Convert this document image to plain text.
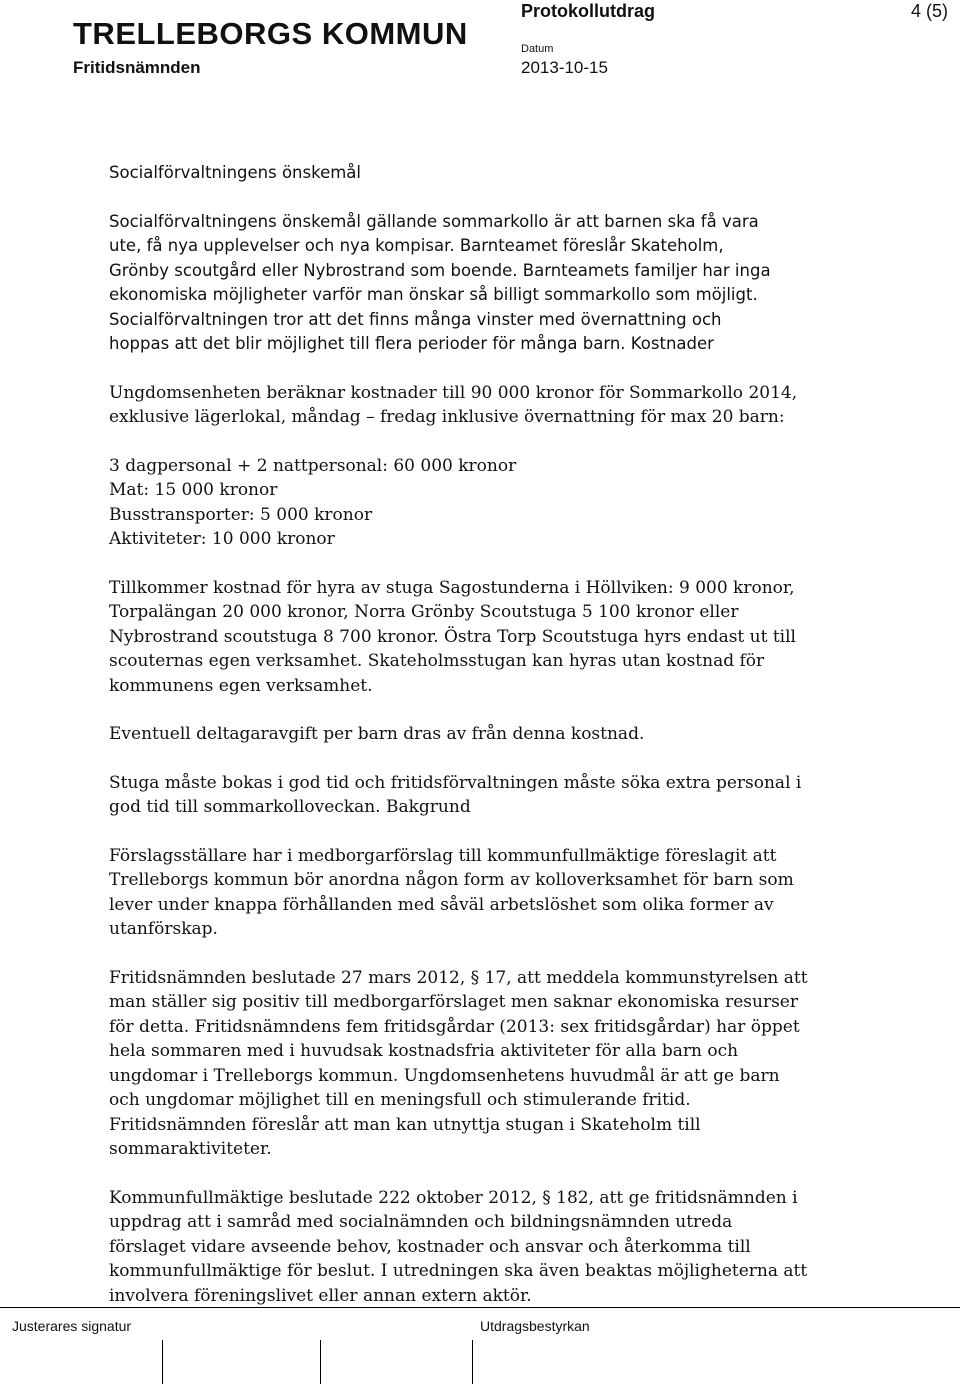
TRELLEBORGS KOMMUN
Fritidsnämnden
Protokollutdrag	4 (5)
Datum
2013-10-15

Socialförvaltningens önskemål

Socialförvaltningens önskemål gällande sommarkollo är att barnen ska få vara
ute, få nya upplevelser och nya kompisar. Barnteamet föreslår Skateholm,
Grönby scoutgård eller Nybrostrand som boende. Barnteamets familjer har inga
ekonomiska möjligheter varför man önskar så billigt sommarkollo som möjligt.
Socialförvaltningen tror att det finns många vinster med övernattning och
hoppas att det blir möjlighet till flera perioder för många barn. Kostnader

Ungdomsenheten beräknar kostnader till 90 000 kronor för Sommarkollo 2014,
exklusive lägerlokal, måndag – fredag inklusive övernattning för max 20 barn:

3 dagpersonal + 2 nattpersonal: 60 000 kronor
Mat: 15 000 kronor
Busstransporter: 5 000 kronor
Aktiviteter: 10 000 kronor

Tillkommer kostnad för hyra av stuga Sagostunderna i Höllviken: 9 000 kronor,
Torpalängan 20 000 kronor, Norra Grönby Scoutstuga 5 100 kronor eller
Nybrostrand scoutstuga 8 700 kronor. Östra Torp Scoutstuga hyrs endast ut till
scouternas egen verksamhet. Skateholmsstugan kan hyras utan kostnad för
kommunens egen verksamhet.

Eventuell deltagaravgift per barn dras av från denna kostnad.

Stuga måste bokas i god tid och fritidsförvaltningen måste söka extra personal i
god tid till sommarkolloveckan. Bakgrund

Förslagsställare har i medborgarförslag till kommunfullmäktige föreslagit att
Trelleborgs kommun bör anordna någon form av kolloverksamhet för barn som
lever under knappa förhållanden med såväl arbetslöshet som olika former av
utanförskap.

Fritidsnämnden beslutade 27 mars 2012, § 17, att meddela kommunstyrelsen att
man ställer sig positiv till medborgarförslaget men saknar ekonomiska resurser
för detta. Fritidsnämndens fem fritidsgårdar (2013: sex fritidsgårdar) har öppet
hela sommaren med i huvudsak kostnadsfria aktiviteter för alla barn och
ungdomar i Trelleborgs kommun. Ungdomsenhetens huvudmål är att ge barn
och ungdomar möjlighet till en meningsfull och stimulerande fritid.
Fritidsnämnden föreslår att man kan utnyttja stugan i Skateholm till
sommaraktiviteter.

Kommunfullmäktige beslutade 222 oktober 2012, § 182, att ge fritidsnämnden i
uppdrag att i samråd med socialnämnden och bildningsnämnden utreda
förslaget vidare avseende behov, kostnader och ansvar och återkomma till
kommunfullmäktige för beslut. I utredningen ska även beaktas möjligheterna att
involvera föreningslivet eller annan extern aktör.

Justerares signatur	Utdragsbestyrkan
